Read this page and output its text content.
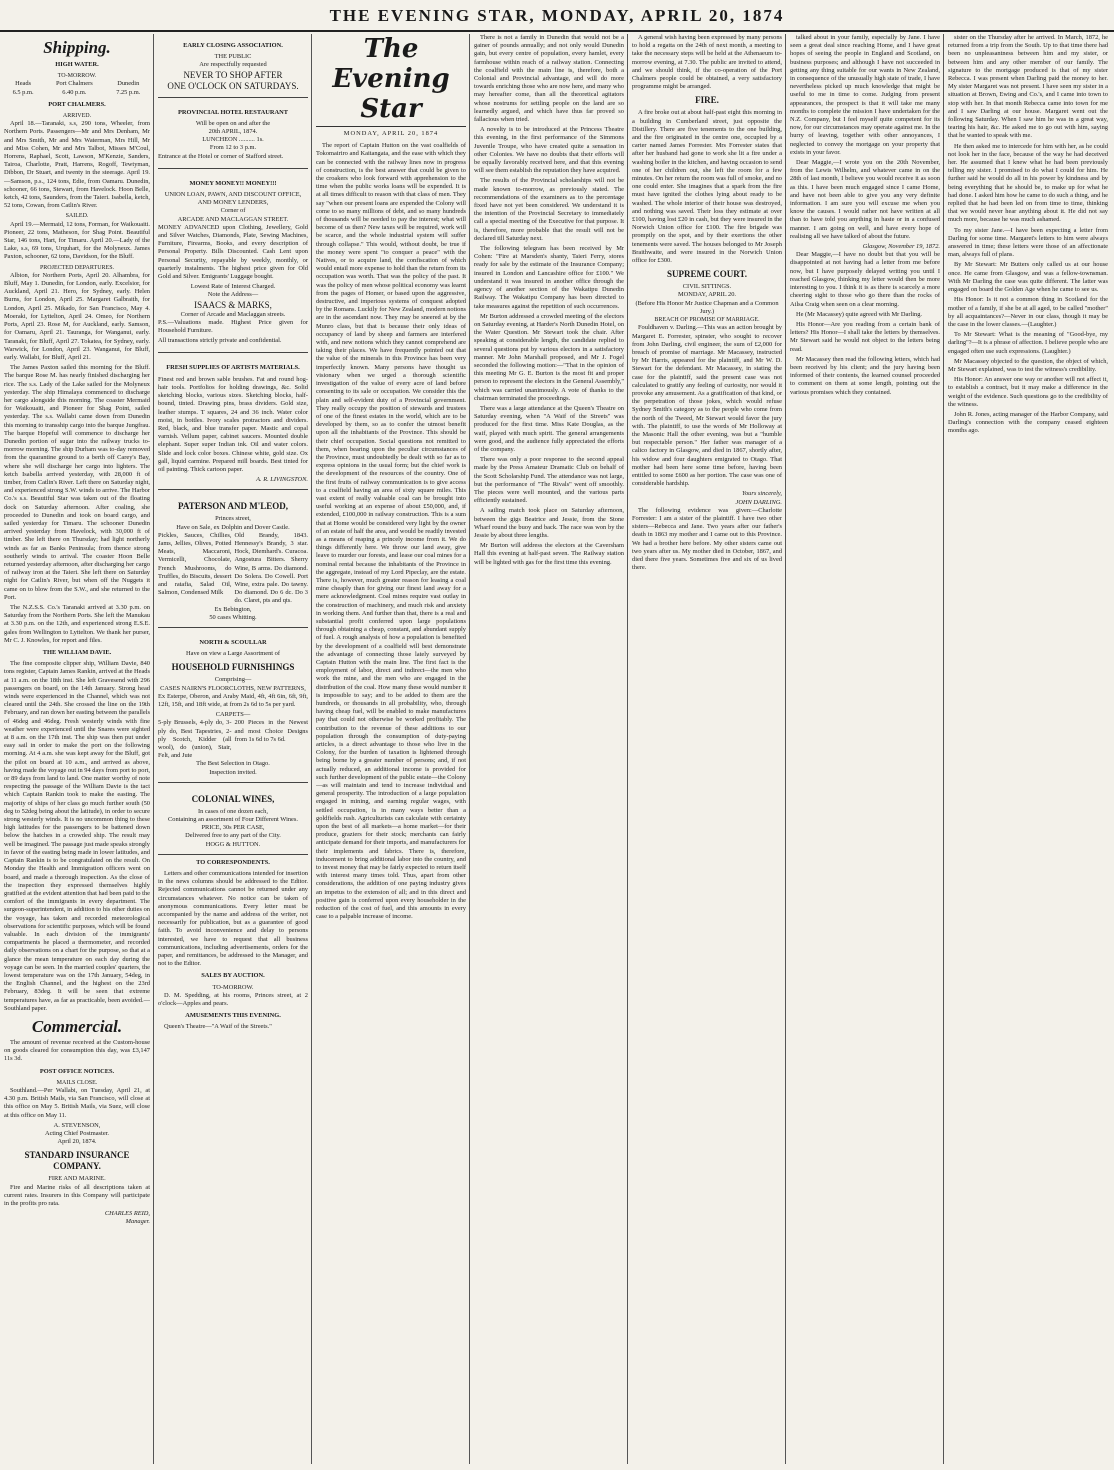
THE EVENING STAR, MONDAY, APRIL 20, 1874
Shipping.
HIGH WATER.
TO-MORROW.
Heads	Port Chalmers	Dunedin
6.5 p.m.	6.40 p.m.	7.25 p.m.
PORT CHALMERS.
ARRIVED.

April 18.—Taranaki, s.s, 290 tons, Wheeler, from Northern Ports. Passengers—Mr and Mrs Denham, Mr and Mrs Smith, Mr and Mrs Waterman, Mrs Hill, Mr and Miss Cohen, Mr and Mrs Talbot, Misses M'Coul, Horrens, Raphael, Scott, Lawson, M'Kenzie, Sanders, Tairoa, Charlotte, Pratt, Harrens, Rogoff, Tewtyman, Dibbon, Dr Stuart, and twenty in the steerage. April 19.—Samson, p.s., 124 tons, Edie, from Oamaru. Dunedin, schooner, 66 tons, Stewart, from Havelock. Hoon Belle, ketch, 42 tons, Saunders, from the Taieri. Isabella, ketch, 52 tons, Cowan, from Catlin's River.

SAILED.

April 19.—Mermaid, 12 tons, Forman, for Waikouaiti. Pioneer, 22 tons, Matheson, for Shag Point. Beautiful Star, 146 tons, Hart, for Timaru. April 20.—Lady of the Lake, s.s, 69 tons, Urquhart, for the Molyneux. James Paxton, schooner, 62 tons, Davidson, for the Bluff.

PROJECTED DEPARTURES.

Albion, for Northern Ports, April 20. Alhambra, for Bluff, May 1. Dunedin, for London, early. Excelsior, for Auckland, April 21. Hero, for Sydney, early. Helen Burns, for London, April 25. Margaret Galbraith, for London, April 25. Mikado, for San Francisco, May 4. Moeraki, for Lyttelton, April 24. Omeo, for Northern Ports, April 23. Rose M, for Auckland, early. Samson, for Oamaru, April 21. Tauranga, for Wanganui, early. Taranaki, for Bluff, April 27. Tokatea, for Sydney, early. Warwick, for London, April 23. Wanganui, for Bluff, early. Wallabi, for Bluff, April 21.

The James Paxton sailed this morning for the Bluff. The barque Rose M. has nearly finished discharging her rice. The s.s. Lady of the Lake sailed for the Molyneux yesterday. The ship Himalaya commenced to discharge her cargo alongside this morning. The coaster Mermaid for Waikouaiti, and Pioneer for Shag Point, sailed yesterday. The s.s. Wallabi came down from Dunedin this morning to transship cargo into the barque Jungfrau. The barque Hopeful will commence to discharge her Dunedin portion of sugar into the railway trucks to-morrow morning. The ship Durham was to-day removed from the quarantine ground to a berth off Carey's Bay, where she will discharge her cargo into lighters. The ketch Isabella arrived yesterday, with 28,000 ft of timber, from Catlin's River. Left there on Saturday night, and experienced strong S.W. winds to arrive. The Harbor Co.'s s.s. Beautiful Star was taken out of the floating dock on Saturday afternoon. After coaling, she proceeded to Dunedin and took on board cargo, and sailed yesterday for Timaru. The schooner Dunedin arrived yesterday from Havelock, with 30,000 ft of timber. She left there on Thursday; had light northerly winds as far as Banks Peninsula; from thence strong southerly winds to arrival. The coaster Hoon Belle returned yesterday afternoon, after discharging her cargo of railway iron at the Taieri. She left there on Saturday night for Catlin's River, but when off the Nuggets it came on to blow from the S.W., and she returned to the Port.

The N.Z.S.S. Co.'s Taranaki arrived at 3.30 p.m. on Saturday from the Northern Ports. She left the Manukau at 3.30 p.m. on the 12th, and experienced strong E.S.E. gales from Wellington to Lyttelton. We thank her purser, Mr C. J. Knowles, for report and files.

THE WILLIAM DAVIE.

The fine composite clipper ship, William Davie, 840 tons register, Captain James Rankin, arrived at the Heads at 11 a.m. on the 18th inst. She left Gravesend with 296 passengers on board, on the 14th January. Strong head winds were experienced in the Channel, which was not cleared until the 24th. She crossed the line on the 19th February, and ran down her easting between the parallels of 46deg and 46deg. Fresh westerly winds with fine weather were experienced until the Snares were sighted at 8 a.m. on the 17th inst. The ship was then put under easy sail in order to make the port on the following morning. At 4 a.m. she was kept away for the Bluff, got the pilot on board at 10 a.m., and arrived as above, having made the voyage out in 94 days from port to port, or 89 days from land to land. One matter worthy of note respecting the passage of the William Davie is the tact which Captain Rankin took to make the easting. The majority of ships of her class go much further south (50 deg to 52deg being about the latitude), in order to secure strong westerly winds. It is no uncommon thing to these high latitudes for the passengers to be battened down below the hatches in a crowded ship. The result may well be imagined. The passage just made speaks strongly in favor of the easting being made in lower latitudes, and Captain Rankin is to be congratulated on the result. On Monday the Health and Immigration officers went on board, and made a thorough inspection. As the close of the inspection they expressed themselves highly gratified at the evident attention that had been paid to the comfort of the immigrants in every department. The surgeon-superintendent, in addition to his other duties on the voyage, has taken and recorded meteorological observations for scientific purposes, which will be found valuable. In each division of the immigrants' compartments he placed a thermometer, and recorded daily observations on a chart for the purpose, so that at a glance the mean temperature on each day during the voyage can be seen. In the married couples' quarters, the lowest temperature was on the 17th January, 54deg, in the English Channel, and the highest on the 23rd February, 83deg. It will be seen that extreme temperatures have, as far as practicable, been avoided.—Southland paper.

Commercial.

The amount of revenue received at the Custom-house on goods cleared for consumption this day, was £3,147 11s 3d.

POST OFFICE NOTICES.
MAILS CLOSE.

Southland.—Per Wallabi, on Tuesday, April 21, at 4.30 p.m. British Mails, via San Francisco, will close at this office on May 5. British Mails, via Suez, will close at this office on May 11.

A. STEVENSON,
Acting Chief Postmaster.
April 20, 1874.
STANDARD INSURANCE COMPANY.
FIRE AND MARINE.

Fire and Marine risks of all descriptions taken at current rates. Insurers in this Company will participate in the profits pro rata.

CHARLES REID,
Manager.
EARLY CLOSING ASSOCIATION.
THE PUBLIC
Are respectfully requested
NEVER TO SHOP AFTER
ONE O'CLOCK ON SATURDAYS.
PROVINCIAL HOTEL RESTAURANT
Will be open on and after the
20th APRIL, 1874.
LUNCHEON .......... 1s.
From 12 to 3 p.m.

Entrance at the Hotel or corner of Stafford street.

MONEY MONEY!! MONEY!!!
UNION LOAN, PAWN, AND DISCOUNT OFFICE,
AND MONEY LENDERS,
Corner of
ARCADE AND MACLAGGAN STREET.

MONEY ADVANCED upon Clothing, Jewellery, Gold and Silver Watches, Diamonds, Plate, Sewing Machines, Furniture, Firearms, Books, and every description of Personal Property. Bills Discounted. Cash Lent upon Personal Security, repayable by weekly, monthly, or quarterly instalments. The highest price given for Old Gold and Silver. Emigrants' Luggage bought.

Lowest Rate of Interest Charged.
Note the Address—
ISAACS & MARKS,
Corner of Arcade and Maclaggan streets.

P.S.—Valuations made. Highest Price given for Household Furniture.

All transactions strictly private and confidential.

FRESH SUPPLIES OF ARTISTS MATERIALS.

Finest red and brown sable brushes. Fat and round hog-hair tools. Portfolios for holding drawings, &c. Solid sketching blocks, various sizes. Sketching blocks, half-bound, tinted. Drawing pins, brass dividers. Gold size, leather stumps. T squares, 24 and 36 inch. Water color moist, in bottles. Ivory scales protractors and dividers. Red, black, and blue transfer paper. Mastic and copal varnish. Vellum paper, cabinet saucers. Mounted double elephant. Super super Indian ink. Oil and water colors. Slide and lock color boxes. Chinese white, gold size. Ox gall, liquid carmine. Prepared mill boards. Best tinted for oil painting. Thick cartoon paper.

A. R. LIVINGSTON.
PATERSON AND M'LEOD,
Princes street,
Have on Sale, ex Dolphin and Dover Castle.
Pickles, Sauces, Chillies, Jams, Jellies, Olives, Potted Meats, Maccaroni, Vermicelli, Chocolate, French Mushrooms, do Truffles, do Biscuits, dessert and ratafia, Salad Oil, Salmon, Condensed Milk
Old Brandy, 1843. Hennessy's Brandy, 3 star. Hock, Diemhard's. Curacoa. Angostura Bitters. Sherry Wine, B arms. Do diamond. Do Solera. Do Cowell. Port Wine, extra pale. Do tawny. Do diamond. Do 6 dc. Do 3 do. Claret, pts and qts.
Ex Bebington,
50 cases Whitting.
NORTH & SCOULLAR
Have on view a Large Assortment of
HOUSEHOLD FURNISHINGS
Comprising—
CASES NAIRN'S FLOORCLOTHS, NEW PATTERNS,

Ex Esterpe, Oberon, and Araby Maid, 4ft, 4ft 6in, 6ft, 9ft, 12ft, 15ft, and 18ft wide, at from 2s 6d to 5s per yard.

CARPETS—
5-ply Brussels, 4-ply do, 3-ply do, Best Tapestries, 2-ply Scotch, Kidder (all wool), do (union), Stair, Felt, and Jute
200 Pieces in the Newest and most Choice Designs from 1s 6d to 7s 6d.
The Best Selection in Otago.
Inspection invited.
COLONIAL WINES,
In cases of one dozen each,
Containing an assortment of Four Different Wines.
PRICE, 30s PER CASE,
Delivered free to any part of the City.
HOGG & HUTTON.
TO CORRESPONDENTS.

Letters and other communications intended for insertion in the news columns should be addressed to the Editor. Rejected communications cannot be returned under any circumstances whatever. No notice can be taken of anonymous communications. Every letter must be accompanied by the name and address of the writer, not necessarily for publication, but as a guarantee of good faith. To avoid inconvenience and delay to persons interested, we have to request that all business communications, including advertisements, orders for the paper, and remittances, be addressed to the Manager, and not to the Editor.

SALES BY AUCTION.
TO-MORROW.

D. M. Spedding, at his rooms, Princes street, at 2 o'clock—Apples and pears.

AMUSEMENTS THIS EVENING.

Queen's Theatre—"A Waif of the Streets."

The Evening Star
MONDAY, APRIL 20, 1874

The report of Captain Hutton on the vast coalfields of Tokomairiro and Kaitangata, and the ease with which they can be connected with the railway lines now in progress of construction, is the best answer that could be given to the croakers who look forward with apprehension to the time when the public works loans will be expended. It is at all times difficult to reason with that class of men. They say "when our present loans are expended the Colony will come to so many millions of debt, and so many hundreds of thousands will be needed to pay the interest; what will become of us then? New taxes will be required, work will be scarce, and the whole industrial system will suffer through collapse." This would, without doubt, be true if the money were spent "to conquer a peace" with the Natives, or to acquire land, the confiscation of which would entail more expense to hold than the return from its occupation was worth. That was the policy of the past. It was the policy of men whose political economy was learnt from the pages of Homer, or based upon the aggressive, destructive, and imperious systems of conquest adopted by the Romans. Luckily for New Zealand, modern notions are in the ascendant now. They may be sneered at by the Munro class, but that is because their only ideas of occupancy of land by sheep and farmers are interfered with, and new notions which they cannot comprehend are taking their places. We have frequently pointed out that the value of the minerals in this Province has been very imperfectly known. Many persons have thought us visionary when we urged a thorough scientific investigation of the value of every acre of land before consenting to its sale or occupation. We consider this the plain and self-evident duty of a Provincial government. They really occupy the position of stewards and trustees of one of the finest estates in the world, which are to be developed by them, so as to confer the utmost benefit upon all the inhabitants of the Province. This should be their chief occupation. Social questions not remitted to them, when bearing upon the peculiar circumstances of the Province, must undoubtedly be dealt with so far as to express opinions in the usual form; but the chief work is the development of the resources of the country. One of the first fruits of railway communication is to give access to a coalfield having an area of sixty square miles. This vast extent of really valuable coal can be brought into useful working at an expense of about £50,000, and, if extended, £100,000 in railway construction. This is a sum that at Home would be considered very light by the owner of an estate of half the area, and would be readily invested as a means of reaping a princely income from it. We do things differently here. We throw our land away, give leave to murder our forests, and lease our coal mines for a nominal rental because the inhabitants of the Province in the aggregate, instead of my Lord Pipeclay, are the estate. There is, however, much greater reason for leasing a coal mine cheaply than for giving our finest land away for a mere acknowledgment. Coal mines require vast outlay in the construction of machinery, and much risk and anxiety in working them. And further than that, there is a real and substantial profit conferred upon large populations through obtaining a cheap, constant, and abundant supply of fuel. A rough analysis of how a population is benefited by the development of a coalfield will best demonstrate the advantage of connecting those lately surveyed by Captain Hutton with the main line. The first fact is the employment of labor, direct and indirect—the men who work the mine, and the men who are engaged in the distribution of the coal. How many these would number it is impossible to say; and to be added to them are the hundreds, or thousands in all probability, who, through having cheap fuel, will be enabled to make manufactures pay that could not otherwise be worked profitably. The contribution to the revenue of these additions to our population through the consumption of duty-paying articles, is a direct advantage to those who live in the Colony, for the burden of taxation is lightened through being borne by a greater number of persons; and, if not actually reduced, an additional income is provided for such further development of the public estate—the Colony—as will maintain and tend to increase individual and general prosperity. The introduction of a large population engaged in mining, and earning regular wages, with settled occupation, is in many ways better than a goldfields rush. Agriculturists can calculate with certainty upon the best of all markets—a home market—for their produce, graziers for their stock; merchants can fairly anticipate demand for their imports, and manufacturers for their implements and fabrics. There is, therefore, inducement to bring additional labor into the country, and to invest money that may be fairly expected to return itself with interest many times told. Thus, apart from other considerations, the addition of one paying industry gives an impetus to the extension of all; and in this direct and positive gain is conferred upon every householder in the reduction of the cost of fuel, and this amounts in every case to a palpable increase of income.

There is not a family in Dunedin that would not be a gainer of pounds annually; and not only would Dunedin gain, but every centre of population, every hamlet, every farmhouse within reach of a railway station. Connecting the coalfield with the main line is, therefore, both a Colonial and Provincial advantage, and will do more towards enriching those who are now here, and many who may hereafter come, than all the theoretical agitators whose nostrums for settling people on the land are so learnedly argued, and which have thus far proved so fallacious when tried.

A novelty is to be introduced at the Princess Theatre this evening, in the first performance of the Simmons Juvenile Troupe, who have created quite a sensation in other Colonies. We have no doubts that their efforts will be equally favorably received here, and that this evening will see them establish the reputation they have acquired.

The results of the Provincial scholarships will not be made known to-morrow, as previously stated. The recommendations of the examiners as to the percentage fixed have not yet been considered. We understand it is the intention of the Provincial Secretary to immediately call a special meeting of the Executive for that purpose. It is, therefore, more probable that the result will not be declared till Saturday next.

The following telegram has been received by Mr Cohen: "Fire at Marsden's shanty, Taieri Ferry, stores ready for sale by the estimate of the Insurance Company; insured in London and Lancashire office for £100." We understand it was insured in another office through the agency of another section of the Wakatipu Dunedin Railway. The Wakatipu Company has been directed to take measures against the repetition of such occurrences.

Mr Burton addressed a crowded meeting of the electors on Saturday evening, at Harder's North Dunedin Hotel, on the Water Question. Mr Stewart took the chair. After speaking at considerable length, the candidate replied to several questions put by various electors in a satisfactory manner. Mr John Marshall proposed, and Mr J. Fogel seconded the following motion:—"That in the opinion of this meeting Mr G. E. Burton is the most fit and proper person to represent the electors in the General Assembly," which was carried unanimously. A vote of thanks to the chairman terminated the proceedings.

There was a large attendance at the Queen's Theatre on Saturday evening, when "A Waif of the Streets" was produced for the first time. Miss Kate Douglas, as the waif, played with much spirit. The general arrangements were good, and the audience fully appreciated the efforts of the company.

There was only a poor response to the second appeal made by the Press Amateur Dramatic Club on behalf of the Scott Scholarship Fund. The attendance was not large, but the performance of "The Rivals" went off smoothly. The pieces were well mounted, and the various parts efficiently sustained.

A sailing match took place on Saturday afternoon, between the gigs Beatrice and Jessie, from the Stone Wharf round the buoy and back. The race was won by the Jessie by about three lengths.

Mr Burton will address the electors at the Caversham Hall this evening at half-past seven. The Railway station will be lighted with gas for the first time this evening.

A general wish having been expressed by many persons to hold a regatta on the 24th of next month, a meeting to take the necessary steps will be held at the Athenaeum to-morrow evening, at 7.30. The public are invited to attend, and we should think, if the co-operation of the Port Chalmers people could be obtained, a very satisfactory programme might be arranged.

FIRE.

A fire broke out at about half-past eight this morning in a building in Cumberland street, just opposite the Distillery. There are five tenements to the one building, and the fire originated in the centre one, occupied by a carter named James Forrester. Mrs Forrester states that after her husband had gone to work she lit a fire under a washing boiler in the kitchen, and having occasion to send one of her children out, she left the room for a few minutes. On her return the room was full of smoke, and no one could enter. She imagines that a spark from the fire must have ignited the clothes lying about ready to be washed. The whole interior of their house was destroyed, and nothing was saved. Their loss they estimate at over £100, having lost £20 in cash, but they were insured in the Norwich Union office for £100. The fire brigade was promptly on the spot, and by their exertions the other tenements were saved. The houses belonged to Mr Joseph Braithwaite, and were insured in the Norwich Union office for £300.

SUPREME COURT.
CIVIL SITTINGS.
MONDAY, APRIL 20.
(Before His Honor Mr Justice Chapman and a Common Jury.)
BREACH OF PROMISE OF MARRIAGE.

Fouldhaven v. Darling.—This was an action brought by Margaret E. Forrester, spinster, who sought to recover from John Darling, civil engineer, the sum of £2,000 for breach of promise of marriage. Mr Macassey, instructed by Mr Harris, appeared for the plaintiff, and Mr W. D. Stewart for the defendant. Mr Macassey, in stating the case for the plaintiff, said the present case was not calculated to gratify any feeling of curiosity, nor would it provoke any amusement. As a gratification of that kind, or the perpetration of those jokes, which would refuse Sydney Smith's category as to the people who come from the north of the Tweed, Mr Stewart would favor the jury with. The plaintiff, to use the words of Mr Holloway at the Masonic Hall the other evening, was but a "humble but respectable person." Her father was manager of a calico factory in Glasgow, and died in 1867, shortly after, his widow and four daughters emigrated to Otago. That mother had been here some time before, having been entitled to some £600 as her portion. The case was one of considerable hardship.

Yours sincerely,
JOHN DARLING.

The following evidence was given:—Charlotte Forrester: I am a sister of the plaintiff. I have two other sisters—Rebecca and Jane. Two years after our father's death in 1863 my mother and I came out to this Province. We had a brother here before. My other sisters came out two years after us. My mother died in October, 1867, and died there five years. Sometimes five and six of us lived there.

talked about in your family, especially by Jane. I have seen a great deal since reaching Home, and I have great hopes of seeing the people in England and Scotland, on business purposes; and although I have not succeeded in getting any thing suitable for our wants in New Zealand, in consequence of the unusually high state of trade, I have nevertheless picked up much knowledge that might be useful to me in time to come. Judging from present appearances, the prospect is that it will take me many months to complete the mission I have undertaken for the N.Z. Company, but I feel myself quite competent for its now, for our circumstances may operate against me. In the hurry of leaving, together with other annoyances, I neglected to convey the mortgage on your property that exists in your favor.

Dear Maggie,—I wrote you on the 20th November, from the Lewis Wilhelm, and whatever came in on the 28th of last month, I believe you would receive it as soon as this. I have been much engaged since I came Home, and have not been able to give you any very definite information. I am sure you will excuse me when you know the causes. I would rather not have written at all than to have told you anything in haste or in a confused manner. I am going on well, and have every hope of realising all we have talked of about the future.

Glasgow, November 19, 1872.

Dear Maggie,—I have no doubt but that you will be disappointed at not having had a letter from me before now, but I have purposely delayed writing you until I reached Glasgow, thinking my letter would then be more interesting to you. I think it is as there is scarcely a more cheering sight to those who go there than the rocks of Ailsa Craig when seen on a clear morning.

He (Mr Macassey) quite agreed with Mr Darling.

His Honor—Are you reading from a certain bank of letters? His Honor—I shall take the letters by themselves. Mr Stewart said he would not object to the letters being read.

Mr Macassey then read the following letters, which had been received by his client; and the jury having been informed of their contents, the learned counsel proceeded to comment on them at some length, pointing out the various promises which they contained.

sister on the Thursday after he arrived. In March, 1872, he returned from a trip from the South. Up to that time there had been no unpleasantness between him and my sister, or between him and any other member of our family. The signature to the mortgage produced is that of my sister Rebecca. I was present when Darling paid the money to her. My sister Margaret was not present. I have seen my sister in a situation at Brown, Ewing and Co.'s, and I came into town to stop with her. In that month Rebecca came into town for me and I saw Darling at our house. Margaret went out the following Saturday. When I saw him he was in a great way, tearing his hair, &c. He asked me to go out with him, saying that he wanted to speak with me.

He then asked me to intercede for him with her, as he could not look her in the face, because of the way he had deceived her. He assumed that I knew what he had been previously telling my sister. I promised to do what I could for him. He further said he would do all in his power by kindness and by being everything that he should be, to make up for what he had done. I asked him how he came to do such a thing, and he replied that he had been led on from time to time, thinking that we would never hear anything about it. He did not say much more, because he was much ashamed.

To my sister Jane.—I have been expecting a letter from Darling for some time. Margaret's letters to him were always answered in time; these letters were those of an affectionate man, always full of plans.

By Mr Stewart: Mr Butters only called us at our house once. He came from Glasgow, and was a fellow-townsman. With Mr Darling the case was quite different. The latter was engaged on board the Golden Age when he came to see us.

His Honor: Is it not a common thing in Scotland for the mother of a family, if she be at all aged, to be called "mother" by all acquaintances?—Never in our class, though it may be the case in the lower classes.—(Laughter.)

To Mr Stewart: What is the meaning of "Good-bye, my darling"?—It is a phrase of affection. I believe people who are engaged often use such expressions. (Laughter.)

Mr Macassey objected to the question, the object of which, Mr Stewart explained, was to test the witness's credibility.

His Honor: An answer one way or another will not affect it, to establish a contract, but it may make a difference in the weight of the evidence. Such questions go to the credibility of the witness.

John R. Jones, acting manager of the Harbor Company, said Darling's connection with the company ceased eighteen months ago.
